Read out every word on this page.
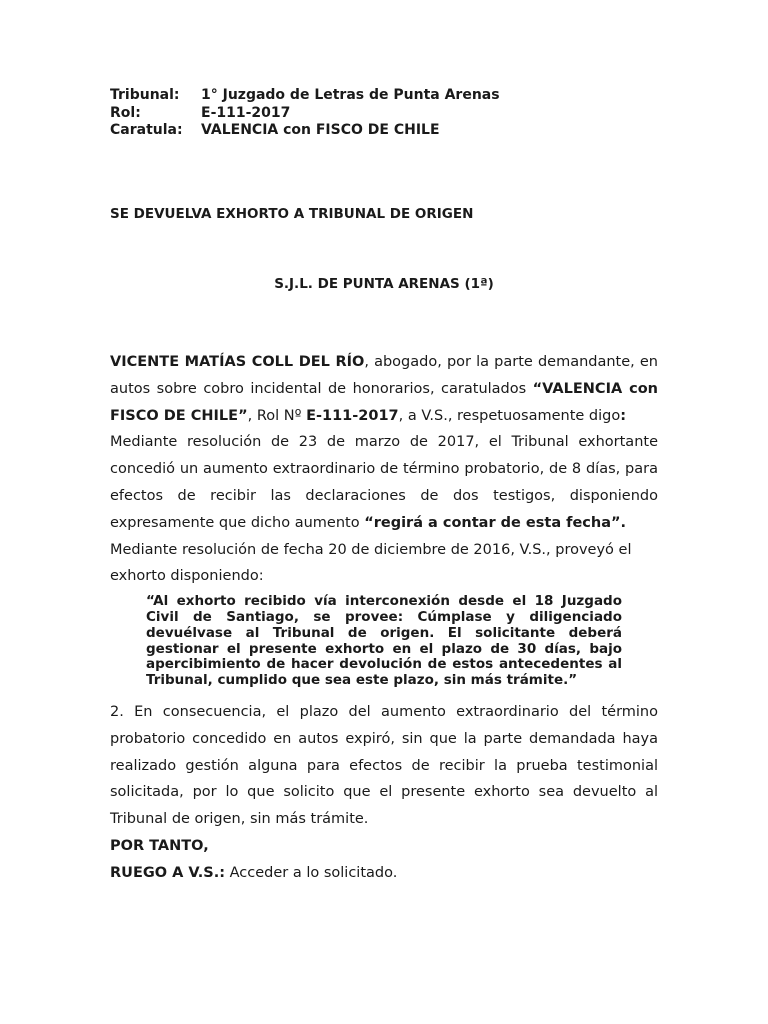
Tribunal:	1° Juzgado de Letras de Punta Arenas
Rol:	E-111-2017
Caratula:	VALENCIA con FISCO DE CHILE
SE DEVUELVA EXHORTO A TRIBUNAL DE ORIGEN
S.J.L. DE PUNTA ARENAS (1ª)

VICENTE MATÍAS COLL DEL RÍO, abogado, por la parte demandante, en autos sobre cobro incidental de honorarios, caratulados “VALENCIA con FISCO DE CHILE”, Rol Nº E-111-2017, a V.S., respetuosamente digo:

Mediante resolución de 23 de marzo de 2017, el Tribunal exhortante concedió un aumento extraordinario de término probatorio, de 8 días, para efectos de recibir las declaraciones de dos testigos, disponiendo expresamente que dicho aumento “regirá a contar de esta fecha”.

Mediante resolución de fecha 20 de diciembre de 2016, V.S., proveyó el exhorto disponiendo:

“Al exhorto recibido vía interconexión desde el 18 Juzgado Civil de Santiago, se provee: Cúmplase y diligenciado devuélvase al Tribunal de origen. El solicitante deberá gestionar el presente exhorto en el plazo de 30 días, bajo apercibimiento de hacer devolución de estos antecedentes al Tribunal, cumplido que sea este plazo, sin más trámite.”

2. En consecuencia, el plazo del aumento extraordinario del término probatorio concedido en autos expiró, sin que la parte demandada haya realizado gestión alguna para efectos de recibir la prueba testimonial solicitada, por lo que solicito que el presente exhorto sea devuelto al Tribunal de origen, sin más trámite.

POR TANTO,

RUEGO A V.S.: Acceder a lo solicitado.
